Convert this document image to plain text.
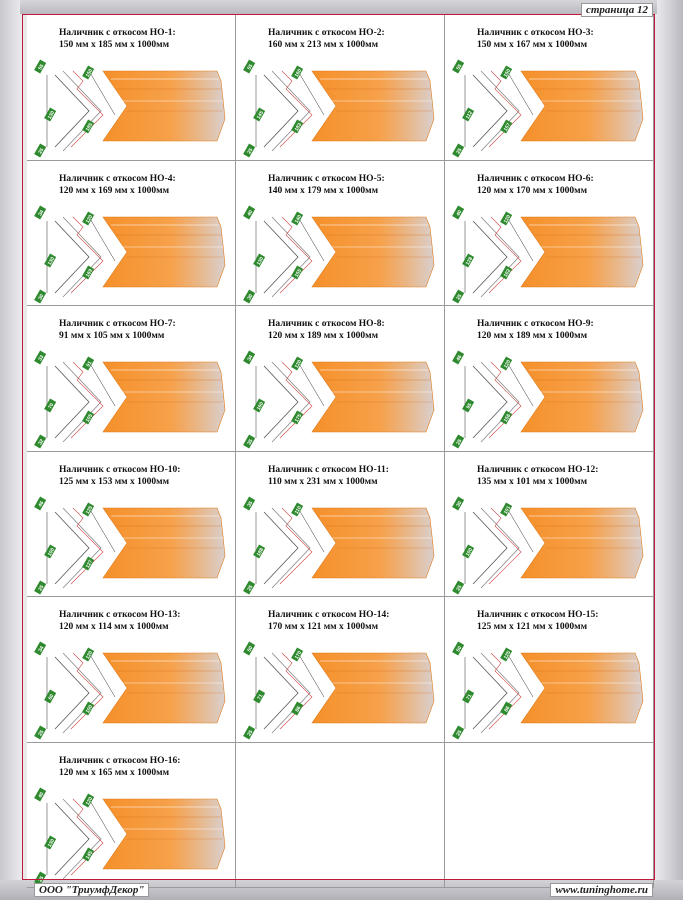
Наличник с откосом НО-1:
150 мм х 185 мм х 1000мм
55
150
130
185
25
Наличник с откосом НО-2:
160 мм х 213 мм х 1000мм
55
160
145
183
25
Наличник с откосом НО-3:
150 мм х 167 мм х 1000мм
55
150
112
157
25
Наличник с откосом НО-4:
120 мм х 169 мм х 1000мм
34
120
130
169
30
Наличник с откосом НО-5:
140 мм х 179 мм х 1000мм
40
140
130
155
30
Наличник с откосом НО-6:
120 мм х 170 мм х 1000мм
40
120
128
102
25
Наличник с откосом НО-7:
91 мм х 105 мм х 1000мм
33
91
70
105
32
Наличник с откосом НО-8:
120 мм х 189 мм х 1000мм
34
120
160
175
35
Наличник с откосом НО-9:
120 мм х 189 мм х 1000мм
46
120
95
156
25
Наличник с откосом НО-10:
125 мм х 153 мм х 1000мм
46
125
100
127
25
Наличник с откосом НО-11:
110 мм х 231 мм х 1000мм
35
110
188
25
Наличник с откосом НО-12:
135 мм х 101 мм х 1000мм
30
101
100
25
Наличник с откосом НО-13:
120 мм х 114 мм х 1000мм
34
120
60
100
25
Наличник с откосом НО-14:
170 мм х 121 мм х 1000мм
50
170
71
86
25
Наличник с откосом НО-15:
125 мм х 121 мм х 1000мм
50
125
71
86
25
Наличник с откосом НО-16:
120 мм х 165 мм х 1000мм
40
120
130
145
25
страница 12
ООО "ТриумфДекор"	www.tuninghome.ru
